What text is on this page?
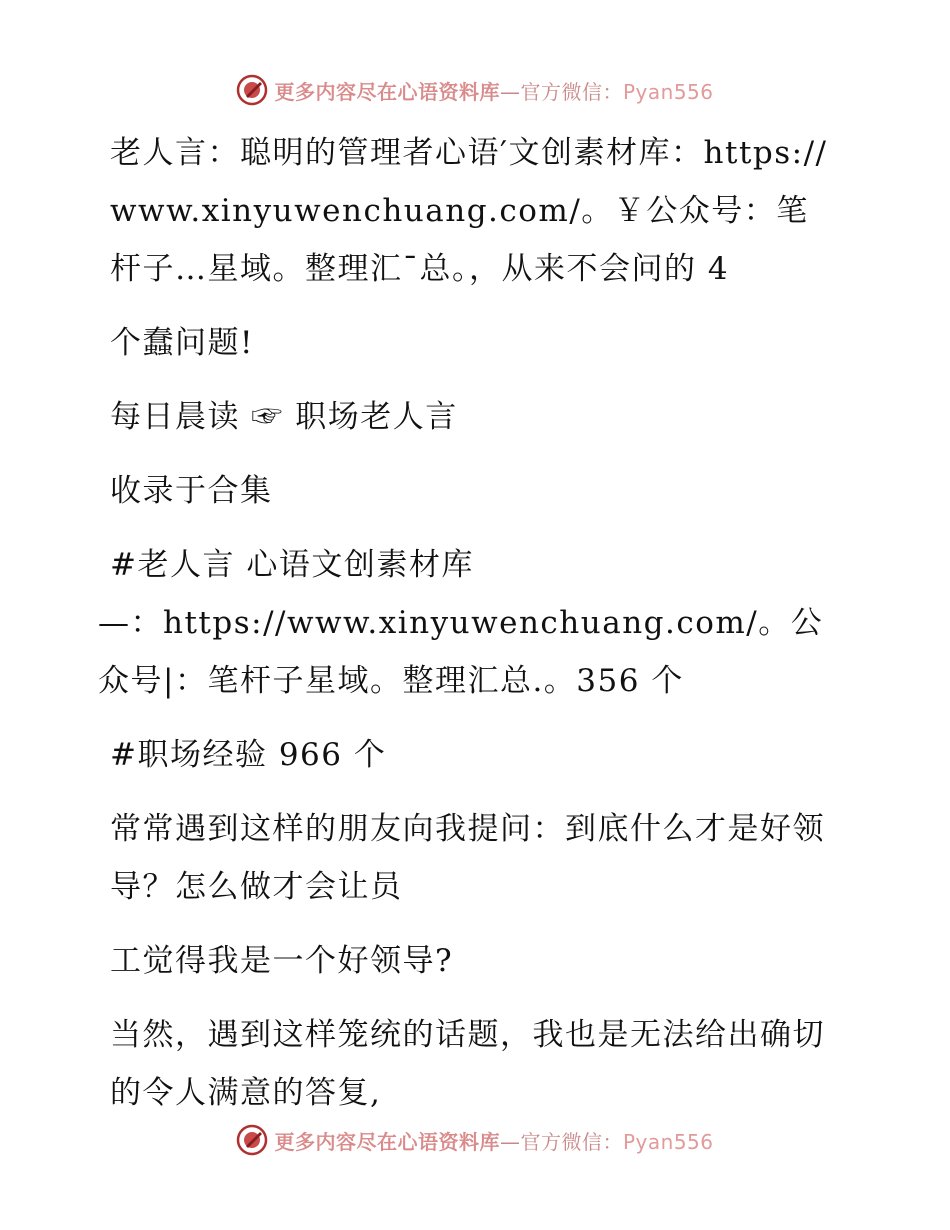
更多内容尽在心语资料库—官方微信：Pyan556

老人言：聪明的管理者心语′文创素材库：https://www.xinyuwenchuang.com/。￥公众号：笔杆子…星域。整理汇¯总。，从来不会问的 4

个蠢问题!

每日晨读 ☞ 职场老人言

收录于合集

#老人言 心语文创素材库

—：https://www.xinyuwenchuang.com/。公众号|：笔杆子星域。整理汇总.。356 个

#职场经验 966 个

常常遇到这样的朋友向我提问：到底什么才是好领导？怎么做才会让员

工觉得我是一个好领导?

当然，遇到这样笼统的话题，我也是无法给出确切的令人满意的答复,

更多内容尽在心语资料库—官方微信：Pyan556
